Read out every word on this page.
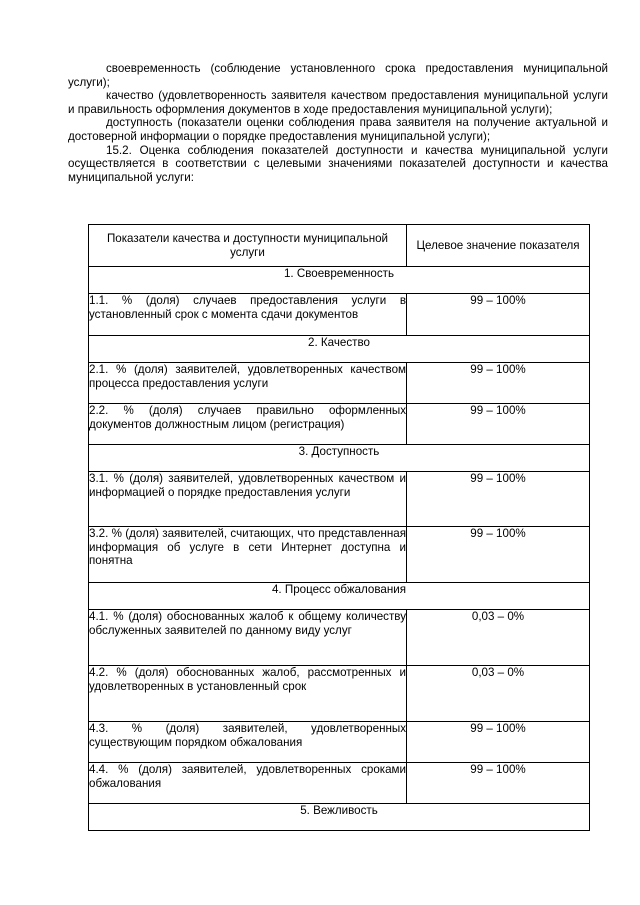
своевременность (соблюдение установленного срока предоставления муниципальной услуги);

качество (удовлетворенность заявителя качеством предоставления муниципальной услуги и правильность оформления документов в ходе предоставления муниципальной услуги);

доступность (показатели оценки соблюдения права заявителя на получение актуальной и достоверной информации о порядке предоставления муниципальной услуги);

15.2. Оценка соблюдения показателей доступности и качества муниципальной услуги осуществляется в соответствии с целевыми значениями показателей доступности и качества муниципальной услуги:

Показатели качества и доступности муниципальной услуги	Целевое значение показателя
1. Своевременность	
1.1. % (доля) случаев предоставления услуги в установленный срок с момента сдачи документов	99 – 100%
2. Качество	
2.1. % (доля) заявителей, удовлетворенных качеством процесса предоставления услуги	99 – 100%
2.2. % (доля) случаев правильно оформленных документов должностным лицом (регистрация)	99 – 100%
3. Доступность	
3.1. % (доля) заявителей, удовлетворенных качеством и информацией о порядке предоставления услуги	99 – 100%
3.2. % (доля) заявителей, считающих, что представленная информация об услуге в сети Интернет доступна и понятна	99 – 100%
4. Процесс обжалования	
4.1. % (доля) обоснованных жалоб к общему количеству обслуженных заявителей по данному виду услуг	0,03 – 0%
4.2. % (доля) обоснованных жалоб, рассмотренных и удовлетворенных в установленный срок	0,03 – 0%
4.3. % (доля) заявителей, удовлетворенных существующим порядком обжалования	99 – 100%
4.4. % (доля) заявителей, удовлетворенных сроками обжалования	99 – 100%
5. Вежливость	
